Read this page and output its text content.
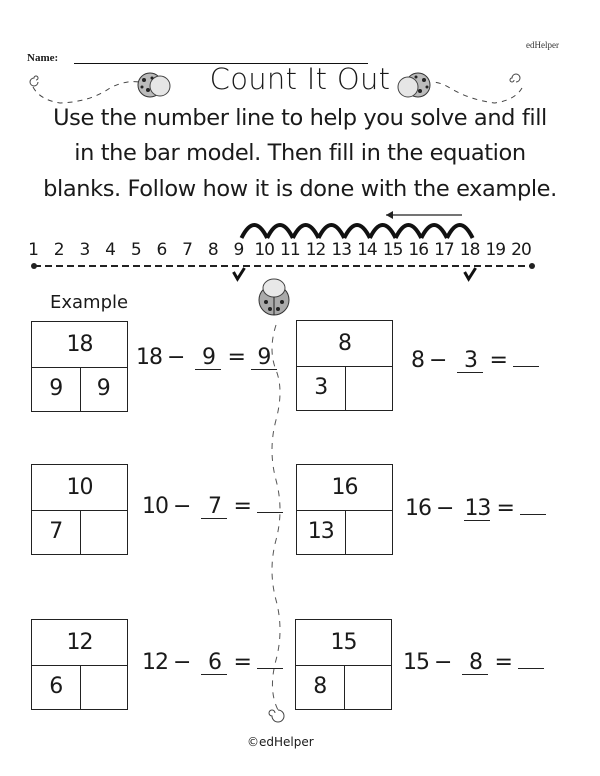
edHelper
Name:
Count It Out
Use the number line to help you solve and fill
in the bar model. Then fill in the equation
blanks. Follow how it is done with the example.
1 2 3 4 5 6 7 8 9 10 11 12 13 14 15 16 17 18 19 20
Example
18
9	9
18 − 9 = 9
8
3
8 − 3 =
10
7
10 − 7 =
16
13
16 − 13 =
12
6
12 − 6 =
15
8
15 − 8 =
©edHelper
